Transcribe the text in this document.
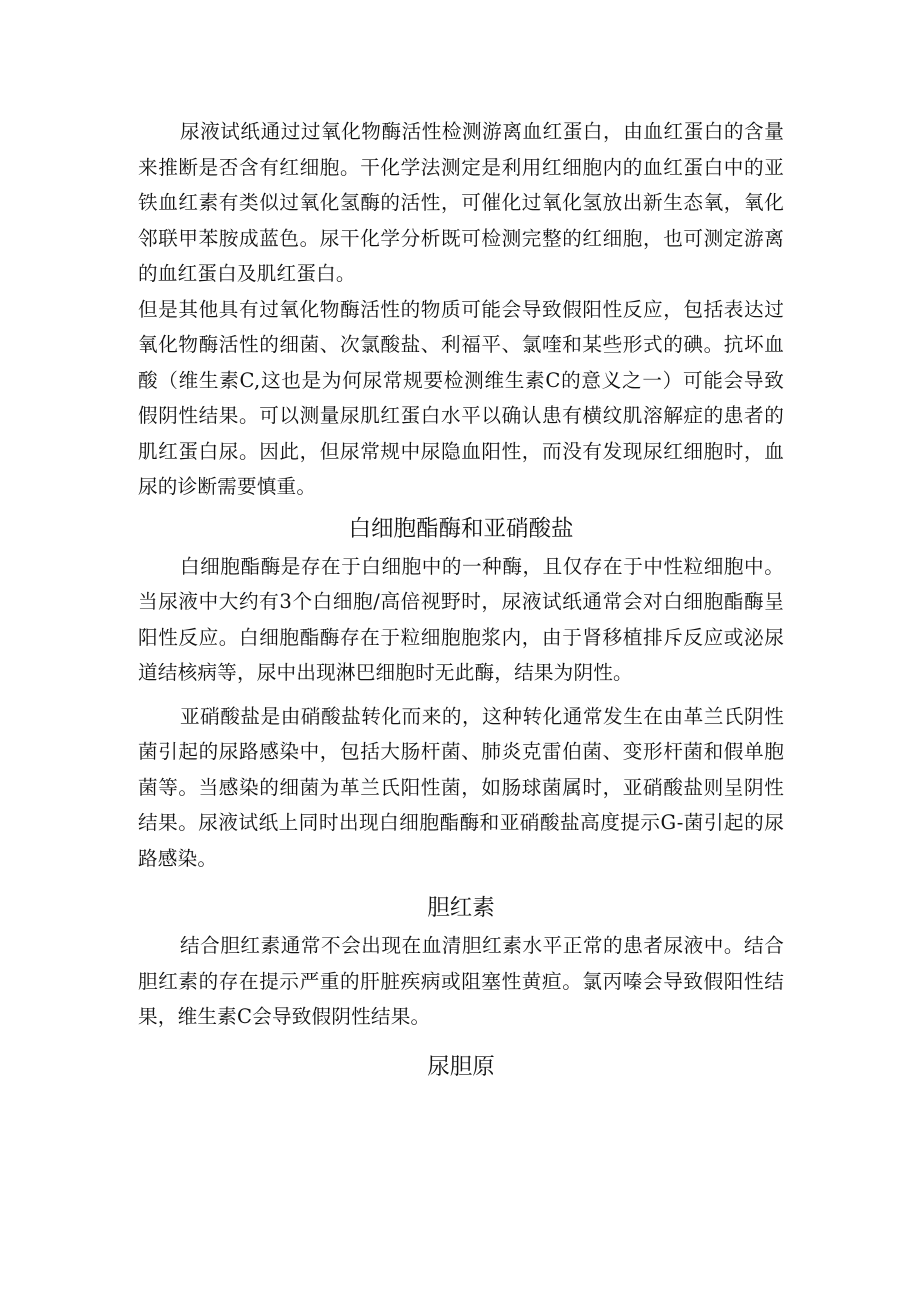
尿液试纸通过过氧化物酶活性检测游离血红蛋白，由血红蛋白的含量来推断是否含有红细胞。干化学法测定是利用红细胞内的血红蛋白中的亚铁血红素有类似过氧化氢酶的活性，可催化过氧化氢放出新生态氧，氧化邻联甲苯胺成蓝色。尿干化学分析既可检测完整的红细胞，也可测定游离的血红蛋白及肌红蛋白。

但是其他具有过氧化物酶活性的物质可能会导致假阳性反应，包括表达过氧化物酶活性的细菌、次氯酸盐、利福平、氯喹和某些形式的碘。抗坏血酸（维生素C,这也是为何尿常规要检测维生素C的意义之一）可能会导致假阴性结果。可以测量尿肌红蛋白水平以确认患有横纹肌溶解症的患者的肌红蛋白尿。因此，但尿常规中尿隐血阳性，而没有发现尿红细胞时，血尿的诊断需要慎重。

白细胞酯酶和亚硝酸盐

白细胞酯酶是存在于白细胞中的一种酶，且仅存在于中性粒细胞中。当尿液中大约有3个白细胞/高倍视野时，尿液试纸通常会对白细胞酯酶呈阳性反应。白细胞酯酶存在于粒细胞胞浆内，由于肾移植排斥反应或泌尿道结核病等，尿中出现淋巴细胞时无此酶，结果为阴性。

亚硝酸盐是由硝酸盐转化而来的，这种转化通常发生在由革兰氏阴性菌引起的尿路感染中，包括大肠杆菌、肺炎克雷伯菌、变形杆菌和假单胞菌等。当感染的细菌为革兰氏阳性菌，如肠球菌属时，亚硝酸盐则呈阴性结果。尿液试纸上同时出现白细胞酯酶和亚硝酸盐高度提示G-菌引起的尿路感染。

胆红素

结合胆红素通常不会出现在血清胆红素水平正常的患者尿液中。结合胆红素的存在提示严重的肝脏疾病或阻塞性黄疸。氯丙嗪会导致假阳性结果，维生素C会导致假阴性结果。

尿胆原
